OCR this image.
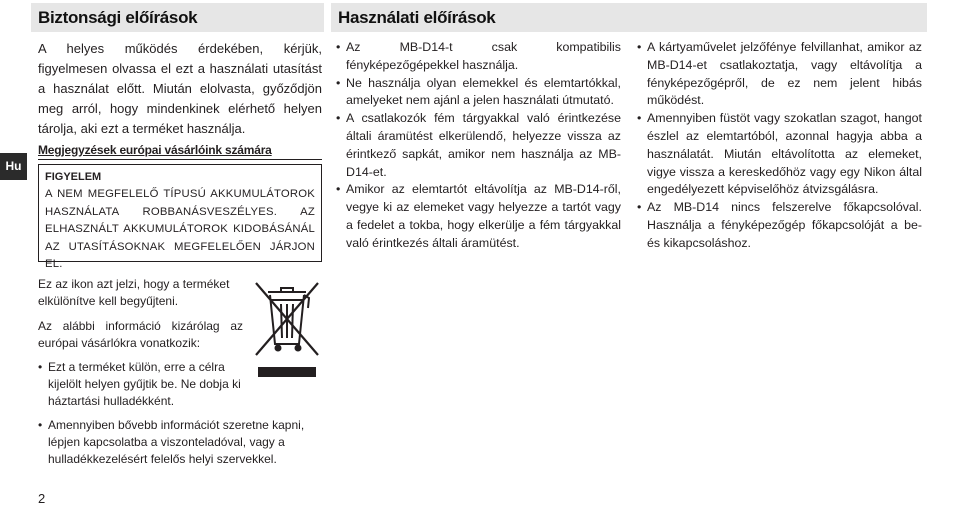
Hu
Biztonsági előírások	Használati előírások

A helyes működés érdekében, kérjük, figyelmesen olvassa el ezt a használati utasítást a használat előtt. Miután elolvasta, győződjön meg arról, hogy mindenkinek elérhető helyen tárolja, aki ezt a terméket használja.

Megjegyzések európai vásárlóink számára
FIGYELEM
A NEM MEGFELELŐ TÍPUSÚ AKKUMULÁTOROK HASZNÁLATA ROBBANÁSVESZÉLYES. AZ ELHASZNÁLT AKKUMULÁTOROK KIDOBÁSÁNÁL AZ UTASÍTÁSOKNAK MEGFELELŐEN JÁRJON EL.

Ez az ikon azt jelzi, hogy a terméket elkülönítve kell begyűjteni.

Az alábbi információ kizárólag az európai vásárlókra vonatkozik:

• Ezt a terméket külön, erre a célra kijelölt helyen gyűjtik be. Ne dobja ki háztartási hulladékként.
• Amennyiben bővebb információt szeretne kapni, lépjen kapcsolatba a viszonteladóval, vagy a hulladékkezelésért felelős helyi szervekkel.
• Az MB-D14-t csak kompatibilis fényképezőgépekkel használja.
• Ne használja olyan elemekkel és elemtartókkal, amelyeket nem ajánl a jelen használati útmutató.
• A csatlakozók fém tárgyakkal való érintkezése általi áramütést elkerülendő, helyezze vissza az érintkező sapkát, amikor nem használja az MB-D14-et.
• Amikor az elemtartót eltávolítja az MB-D14-ről, vegye ki az elemeket vagy helyezze a tartót vagy a fedelet a tokba, hogy elkerülje a fém tárgyakkal való érintkezés általi áramütést.
• A kártyaművelet jelzőfénye felvillanhat, amikor az MB-D14-et csatlakoztatja, vagy eltávolítja a fényképezőgépről, de ez nem jelent hibás működést.
• Amennyiben füstöt vagy szokatlan szagot, hangot észlel az elemtartóból, azonnal hagyja abba a használatát. Miután eltávolította az elemeket, vigye vissza a kereskedőhöz vagy egy Nikon által engedélyezett képviselőhöz átvizsgálásra.
• Az MB-D14 nincs felszerelve főkapcsolóval. Használja a fényképezőgép főkapcsolóját a be- és kikapcsoláshoz.
2
